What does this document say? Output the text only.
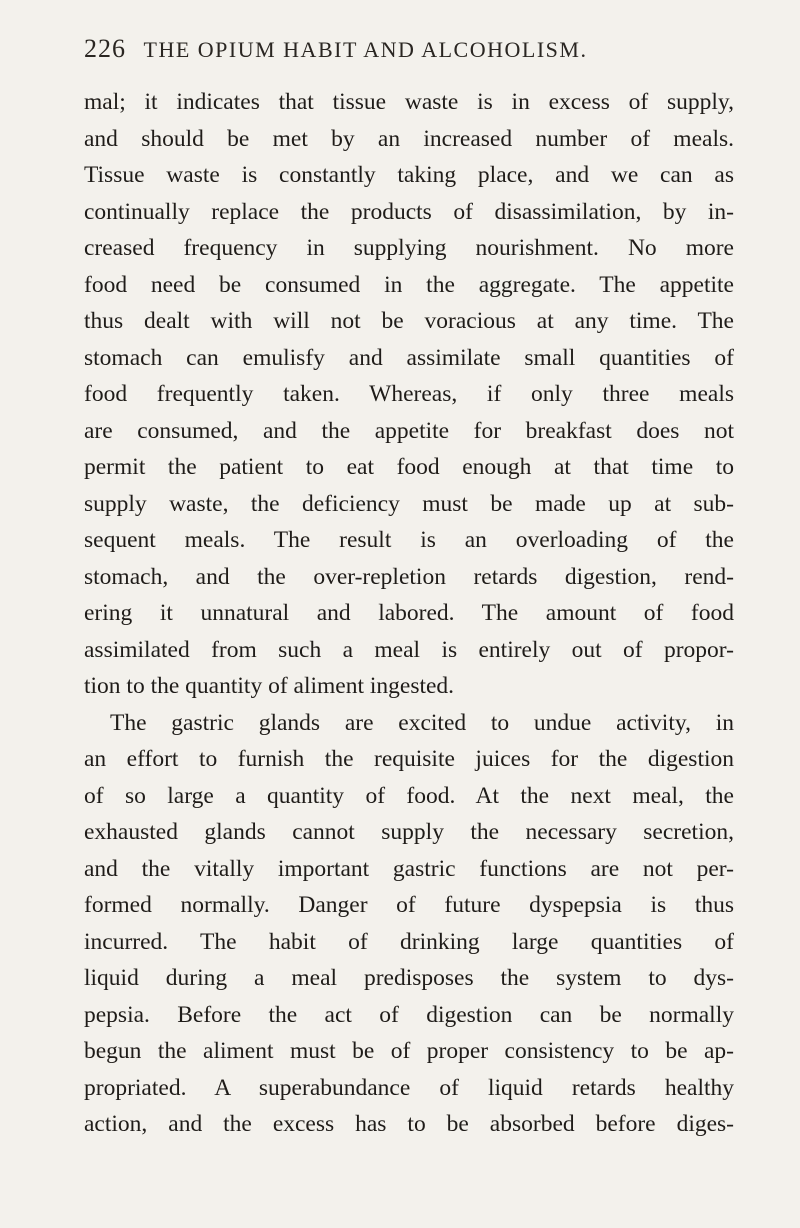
226 THE OPIUM HABIT AND ALCOHOLISM.
mal; it indicates that tissue waste is in excess of supply,
and should be met by an increased number of meals.
Tissue waste is constantly taking place, and we can as
continually replace the products of disassimilation, by in-
creased frequency in supplying nourishment. No more
food need be consumed in the aggregate. The appetite
thus dealt with will not be voracious at any time. The
stomach can emulisfy and assimilate small quantities of
food frequently taken. Whereas, if only three meals
are consumed, and the appetite for breakfast does not
permit the patient to eat food enough at that time to
supply waste, the deficiency must be made up at sub-
sequent meals. The result is an overloading of the
stomach, and the over-repletion retards digestion, rend-
ering it unnatural and labored. The amount of food
assimilated from such a meal is entirely out of propor-
tion to the quantity of aliment ingested.
The gastric glands are excited to undue activity, in
an effort to furnish the requisite juices for the digestion
of so large a quantity of food. At the next meal, the
exhausted glands cannot supply the necessary secretion,
and the vitally important gastric functions are not per-
formed normally. Danger of future dyspepsia is thus
incurred. The habit of drinking large quantities of
liquid during a meal predisposes the system to dys-
pepsia. Before the act of digestion can be normally
begun the aliment must be of proper consistency to be ap-
propriated. A superabundance of liquid retards healthy
action, and the excess has to be absorbed before diges-
